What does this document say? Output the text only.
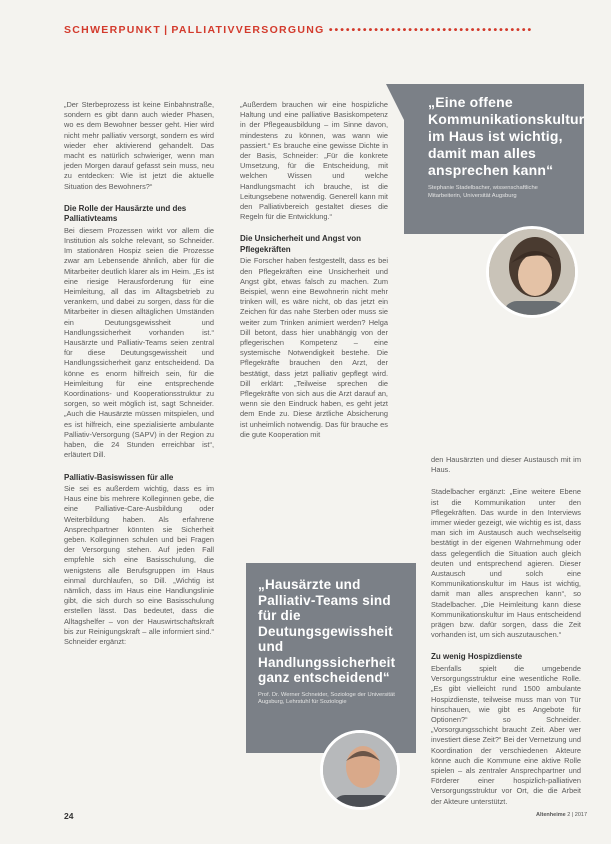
SCHWERPUNKT | PALLIATIVVERSORGUNG ••••••••••••••••••••••••••••••••••••

„Der Sterbeprozess ist keine Einbahnstraße, sondern es gibt dann auch wieder Phasen, wo es dem Bewohner besser geht. Hier wird nicht mehr palliativ versorgt, sondern es wird wieder eher aktivierend gehandelt. Das macht es natürlich schwieriger, wenn man jeden Morgen darauf gefasst sein muss, neu zu entdecken: Wie ist jetzt die aktuelle Situation des Bewohners?“

Die Rolle der Hausärzte und des Palliativteams

Bei diesem Prozessen wirkt vor allem die Institution als solche relevant, so Schneider. Im stationären Hospiz seien die Prozesse zwar am Lebensende ähnlich, aber für die Mitarbeiter deutlich klarer als im Heim. „Es ist eine riesige Herausforderung für eine Heimleitung, all das im Alltagsbetrieb zu verankern, und dabei zu sorgen, dass für die Mitarbeiter in diesen alltäglichen Umständen ein Deutungsgewissheit und Handlungssicherheit vorhanden ist.“ Hausärzte und Palliativ-Teams seien zentral für diese Deutungsgewissheit und Handlungssicherheit ganz entscheidend. Da könne es enorm hilfreich sein, für die Heimleitung für eine entsprechende Koordinations- und Kooperationsstruktur zu sorgen, so weit möglich ist, sagt Schneider. „Auch die Hausärzte müssen mitspielen, und es ist hilfreich, eine spezialisierte ambulante Palliativ-Versorgung (SAPV) in der Region zu haben, die 24 Stunden erreichbar ist“, erläutert Dill.

Palliativ-Basiswissen für alle

Sie sei es außerdem wichtig, dass es im Haus eine bis mehrere Kolleginnen gebe, die eine Palliative-Care-Ausbildung oder Weiterbildung haben. Als erfahrene Ansprechpartner könnten sie Sicherheit geben. Kolleginnen schulen und bei Fragen der Versorgung stehen. Auf jeden Fall empfehle sich eine Basisschulung, die wenigstens alle Berufsgruppen im Haus einmal durchlaufen, so Dill. „Wichtig ist nämlich, dass im Haus eine Handlungslinie gibt, die sich durch so eine Basisschulung erstellen lässt. Das bedeutet, dass die Alltagshelfer – von der Hauswirtschaftskraft bis zur Reinigungskraft – alle informiert sind.“ Schneider ergänzt:

„Außerdem brauchen wir eine hospizliche Haltung und eine palliative Basiskompetenz in der Pflegeausbildung – im Sinne davon, mindestens zu können, was wann wie passiert.“ Es brauche eine gewisse Dichte in der Basis, Schneider: „Für die konkrete Umsetzung, für die Entscheidung, mit welchen Wissen und welche Handlungsmacht ich brauche, ist die Leitungsebene notwendig. Generell kann mit den Palliativbereich gestaltet dieses die Regeln für die Entwicklung.“

Die Unsicherheit und Angst von Pflegekräften

Die Forscher haben festgestellt, dass es bei den Pflegekräften eine Unsicherheit und Angst gibt, etwas falsch zu machen. Zum Beispiel, wenn eine Bewohnerin nicht mehr trinken will, es wäre nicht, ob das jetzt ein Zeichen für das nahe Sterben oder muss sie weiter zum Trinken animiert werden? Helga Dill betont, dass hier unabhängig von der pflegerischen Kompetenz – eine systemische Notwendigkeit bestehe. Die Pflegekräfte brauchen den Arzt, der bestätigt, dass jetzt palliativ gepflegt wird. Dill erklärt: „Teilweise sprechen die Pflegekräfte von sich aus die Arzt darauf an, wenn sie den Eindruck haben, es geht jetzt dem Ende zu. Diese ärztliche Absicherung ist unheimlich notwendig. Das für brauche es die gute Kooperation mit

„Eine offene Kommunikationskultur im Haus ist wichtig, damit man alles ansprechen kann“
Stephanie Stadelbacher, wissenschaftliche Mitarbeiterin, Universität Augsburg

den Hausärzten und dieser Austausch mit im Haus.

Stadelbacher ergänzt: „Eine weitere Ebene ist die Kommunikation unter den Pflegekräften. Das wurde in den Interviews immer wieder gezeigt, wie wichtig es ist, dass man sich im Austausch auch wechselseitig bestätigt in der eigenen Wahrnehmung oder dass gelegentlich die Situation auch gleich deuten und entsprechend agieren. Dieser Austausch und solch eine Kommunikationskultur im Haus ist wichtig, damit man alles ansprechen kann“, so Stadelbacher. „Die Heimleitung kann diese Kommunikationskultur im Haus entscheidend prägen bzw. dafür sorgen, dass die Zeit vorhanden ist, um sich auszutauschen.“

Zu wenig Hospizdienste

Ebenfalls spielt die umgebende Versorgungsstruktur eine wesentliche Rolle. „Es gibt vielleicht rund 1500 ambulante Hospizdienste, teilweise muss man von Tür hinschauen, wie gibt es Angebote für Optionen?“ so Schneider. „Vorsorgungsschicht braucht Zeit. Aber wer investiert diese Zeit?“ Bei der Vernetzung und Koordination der verschiedenen Akteure könne auch die Kommune eine aktive Rolle spielen – als zentraler Ansprechpartner und Förderer einer hospizlich-palliativen Versorgungsstruktur vor Ort, die die Arbeit der Akteure unterstützt.

„Hausärzte und Palliativ-Teams sind für die Deutungsgewissheit und Handlungssicherheit ganz entscheidend“
Prof. Dr. Werner Schneider, Soziologe der Universität Augsburg, Lehrstuhl für Soziologie
24	Altenheime 2 | 2017
